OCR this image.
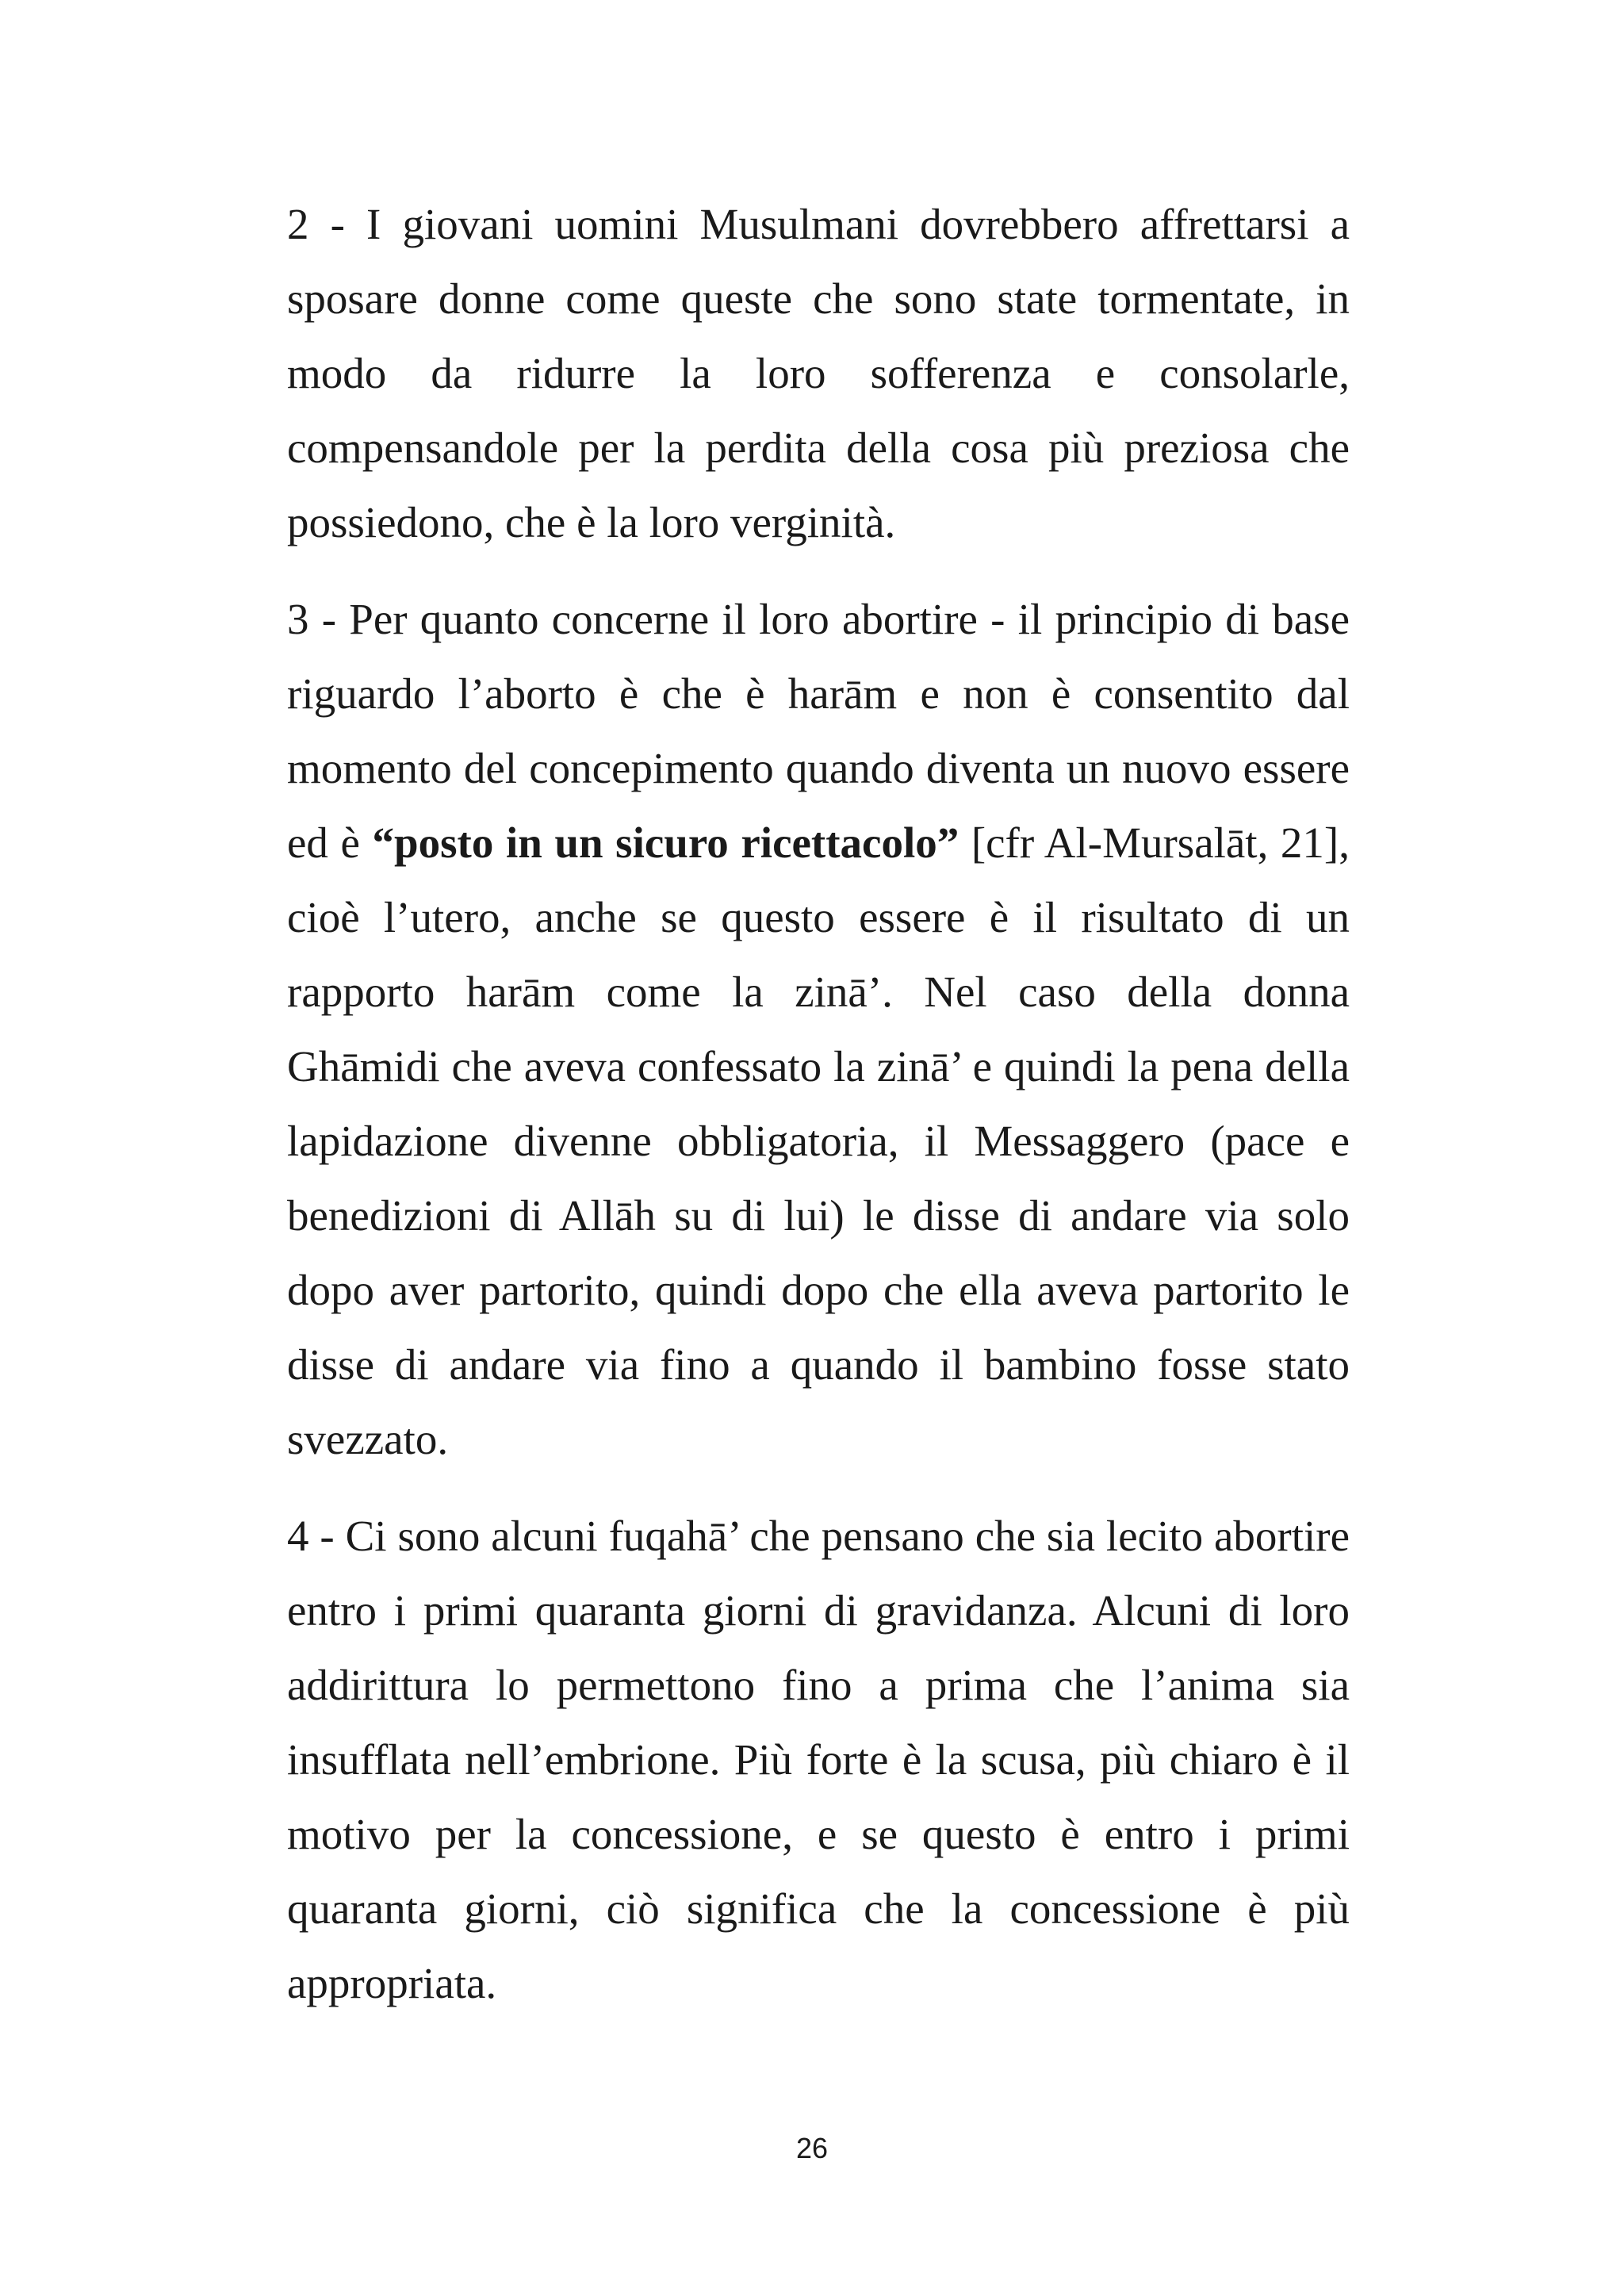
2 - I giovani uomini Musulmani dovrebbero affrettarsi a sposare donne come queste che sono state tormentate, in modo da ridurre la loro sofferenza e consolarle, compensandole per la perdita della cosa più preziosa che possiedono, che è la loro verginità.

3 - Per quanto concerne il loro abortire - il principio di base riguardo l’aborto è che è harām e non è consentito dal momento del concepimento quando diventa un nuovo essere ed è “posto in un sicuro ricettacolo” [cfr Al-Mursalāt, 21], cioè l’utero, anche se questo essere è il risultato di un rapporto harām come la zinā’. Nel caso della donna Ghāmidi che aveva confessato la zinā’ e quindi la pena della lapidazione divenne obbligatoria, il Messaggero (pace e benedizioni di Allāh su di lui) le disse di andare via solo dopo aver partorito, quindi dopo che ella aveva partorito le disse di andare via fino a quando il bambino fosse stato svezzato.

4 - Ci sono alcuni fuqahā’ che pensano che sia lecito abortire entro i primi quaranta giorni di gravidanza. Alcuni di loro addirittura lo permettono fino a prima che l’anima sia insufflata nell’embrione. Più forte è la scusa, più chiaro è il motivo per la concessione, e se questo è entro i primi quaranta giorni, ciò significa che la concessione è più appropriata.

26
